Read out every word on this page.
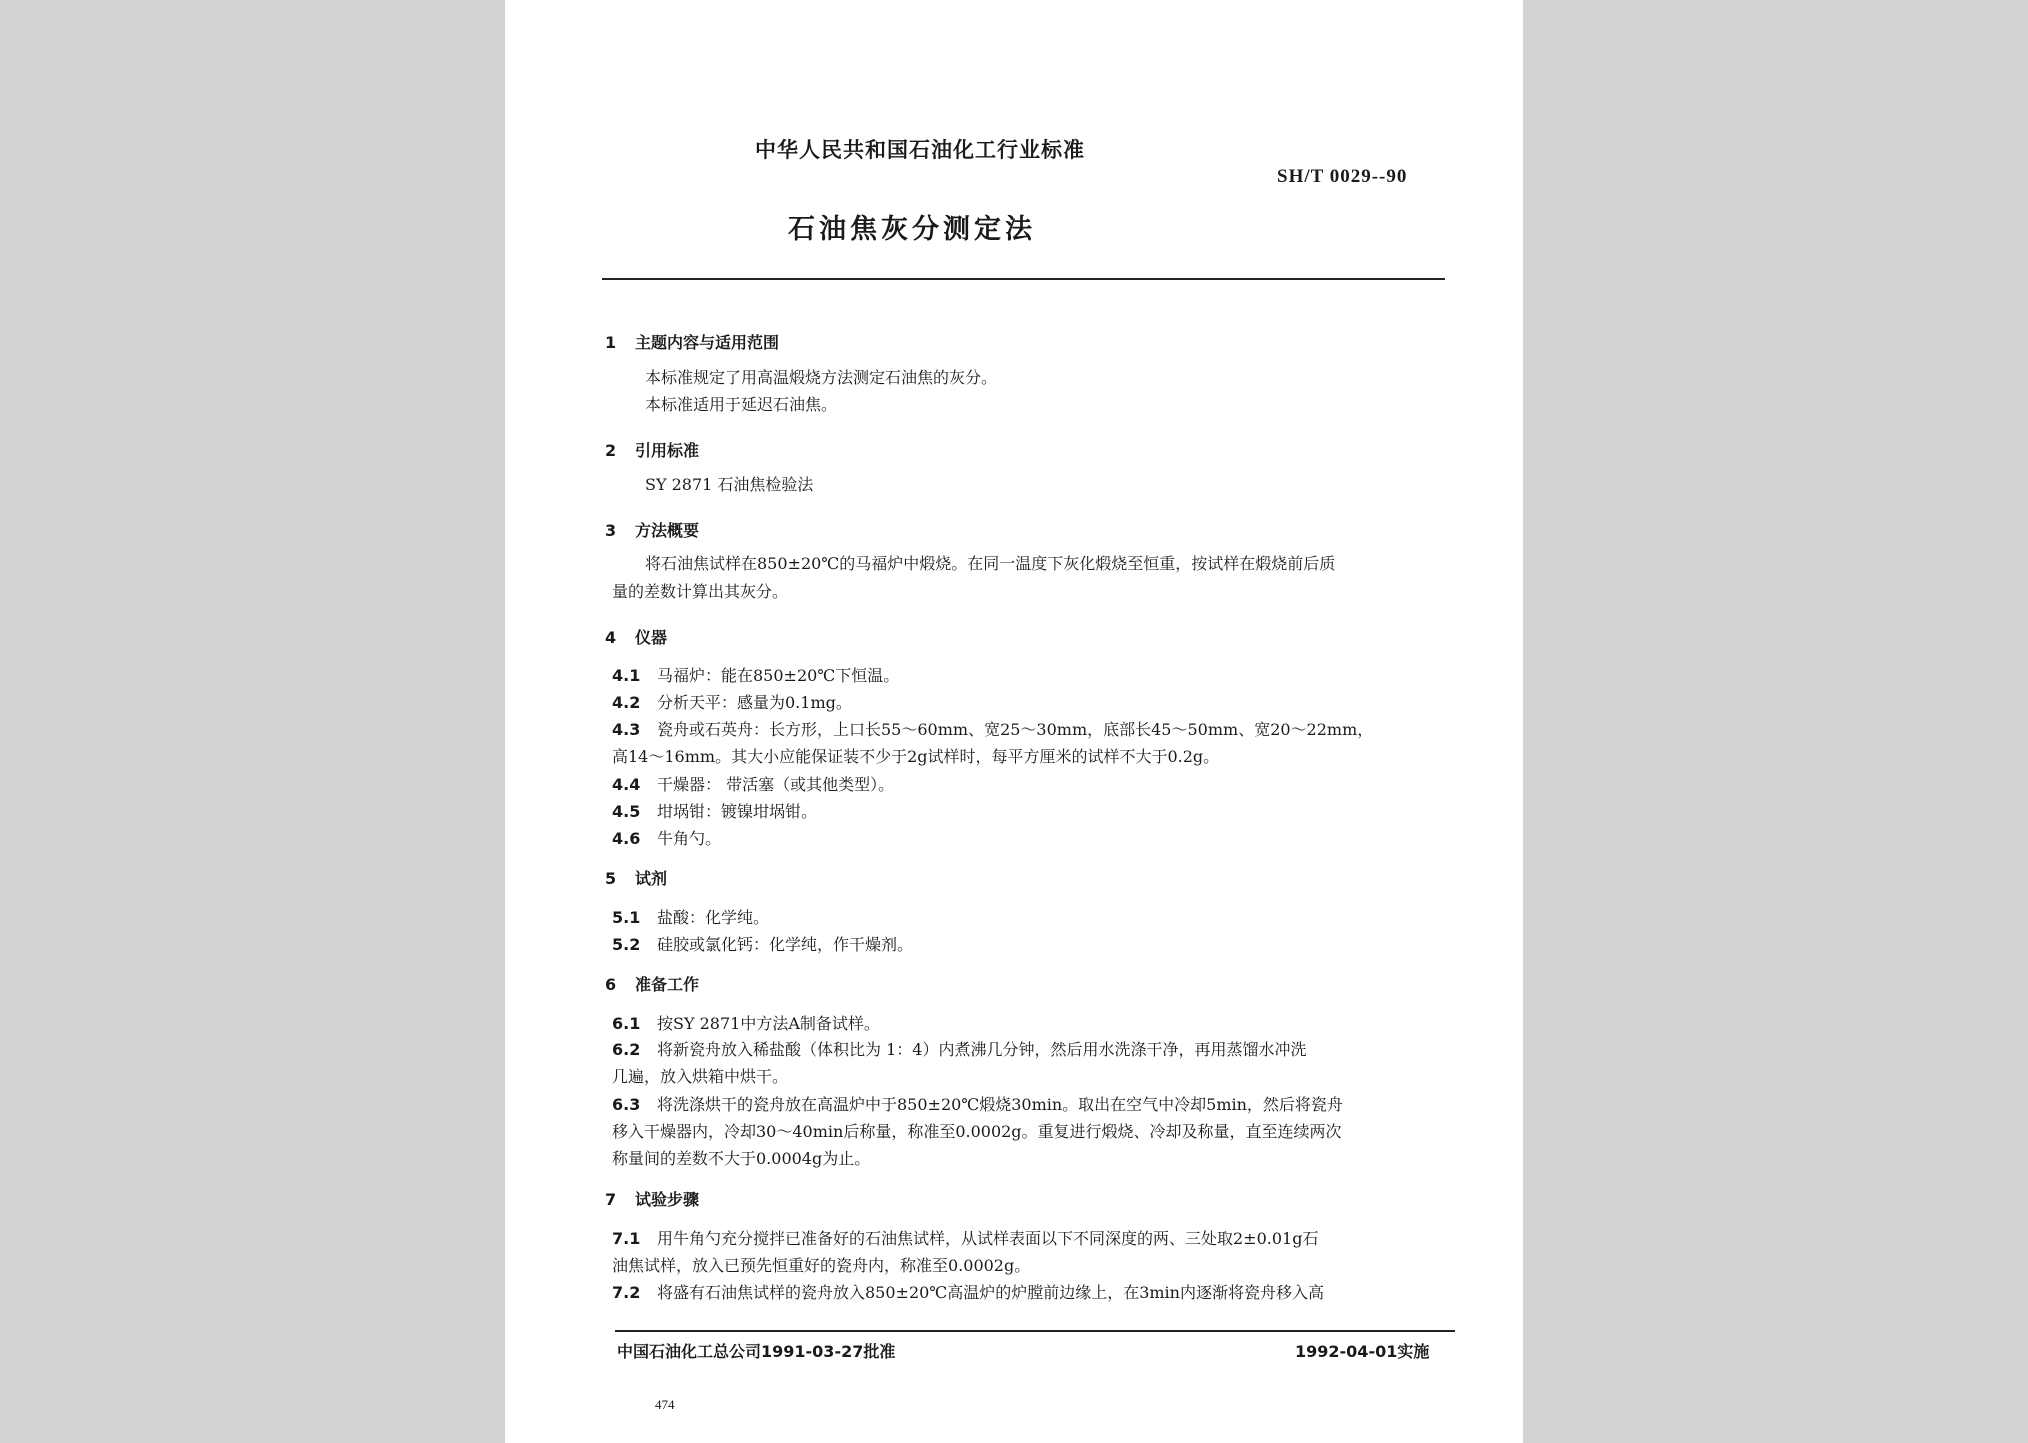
中华人民共和国石油化工行业标准
SH/T 0029--90
石油焦灰分测定法
1 主题内容与适用范围
本标准规定了用高温煅烧方法测定石油焦的灰分。
本标准适用于延迟石油焦。
2 引用标准
SY 2871 石油焦检验法
3 方法概要
将石油焦试样在850±20℃的马福炉中煅烧。在同一温度下灰化煅烧至恒重，按试样在煅烧前后质
量的差数计算出其灰分。
4 仪器
4.1 马福炉：能在850±20℃下恒温。
4.2 分析天平：感量为0.1mg。
4.3 瓷舟或石英舟：长方形，上口长55～60mm、宽25～30mm，底部长45～50mm、宽20～22mm，
高14～16mm。其大小应能保证装不少于2g试样时，每平方厘米的试样不大于0.2g。
4.4 干燥器： 带活塞（或其他类型）。
4.5 坩埚钳：镀镍坩埚钳。
4.6 牛角勺。
5 试剂
5.1 盐酸：化学纯。
5.2 硅胶或氯化钙：化学纯，作干燥剂。
6 准备工作
6.1 按SY 2871中方法A制备试样。
6.2 将新瓷舟放入稀盐酸（体积比为 1：4）内煮沸几分钟，然后用水洗涤干净，再用蒸馏水冲洗
几遍，放入烘箱中烘干。
6.3 将洗涤烘干的瓷舟放在高温炉中于850±20℃煅烧30min。取出在空气中冷却5min，然后将瓷舟
移入干燥器内，冷却30～40min后称量，称准至0.0002g。重复进行煅烧、冷却及称量，直至连续两次
称量间的差数不大于0.0004g为止。
7 试验步骤
7.1 用牛角勺充分搅拌已准备好的石油焦试样，从试样表面以下不同深度的两、三处取2±0.01g石
油焦试样，放入已预先恒重好的瓷舟内，称准至0.0002g。
7.2 将盛有石油焦试样的瓷舟放入850±20℃高温炉的炉膛前边缘上，在3min内逐渐将瓷舟移入高
中国石油化工总公司1991-03-27批准	1992-04-01实施
474
